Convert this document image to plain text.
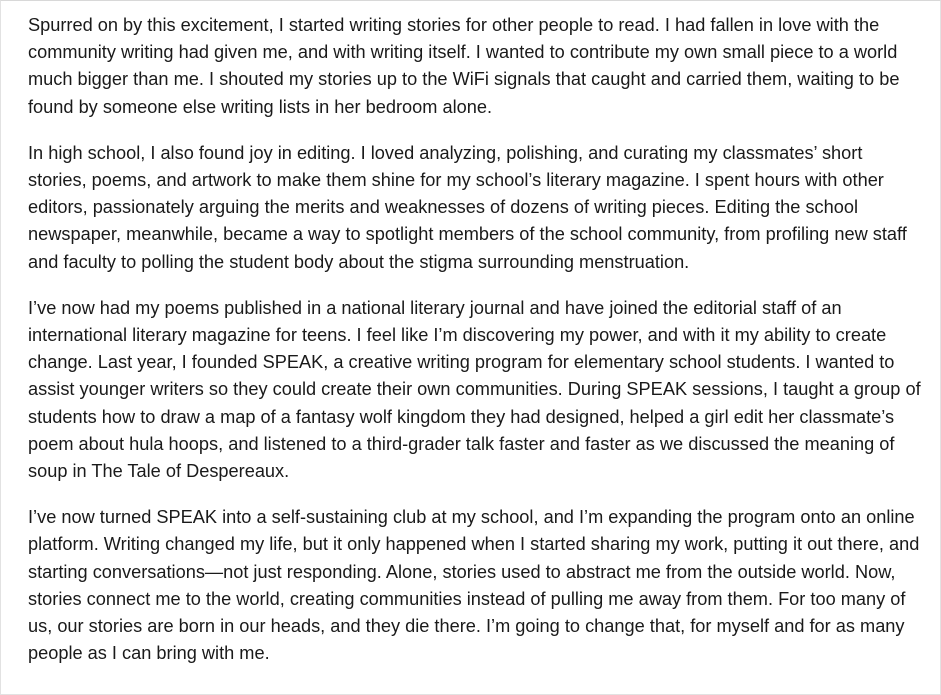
Spurred on by this excitement, I started writing stories for other people to read. I had fallen in love with the community writing had given me, and with writing itself. I wanted to contribute my own small piece to a world much bigger than me. I shouted my stories up to the WiFi signals that caught and carried them, waiting to be found by someone else writing lists in her bedroom alone.

In high school, I also found joy in editing. I loved analyzing, polishing, and curating my classmates’ short stories, poems, and artwork to make them shine for my school’s literary magazine. I spent hours with other editors, passionately arguing the merits and weaknesses of dozens of writing pieces. Editing the school newspaper, meanwhile, became a way to spotlight members of the school community, from profiling new staff and faculty to polling the student body about the stigma surrounding menstruation.

I’ve now had my poems published in a national literary journal and have joined the editorial staff of an international literary magazine for teens. I feel like I’m discovering my power, and with it my ability to create change. Last year, I founded SPEAK, a creative writing program for elementary school students. I wanted to assist younger writers so they could create their own communities. During SPEAK sessions, I taught a group of students how to draw a map of a fantasy wolf kingdom they had designed, helped a girl edit her classmate’s poem about hula hoops, and listened to a third-grader talk faster and faster as we discussed the meaning of soup in The Tale of Despereaux.

I’ve now turned SPEAK into a self-sustaining club at my school, and I’m expanding the program onto an online platform. Writing changed my life, but it only happened when I started sharing my work, putting it out there, and starting conversations—not just responding. Alone, stories used to abstract me from the outside world. Now, stories connect me to the world, creating communities instead of pulling me away from them. For too many of us, our stories are born in our heads, and they die there. I’m going to change that, for myself and for as many people as I can bring with me.
